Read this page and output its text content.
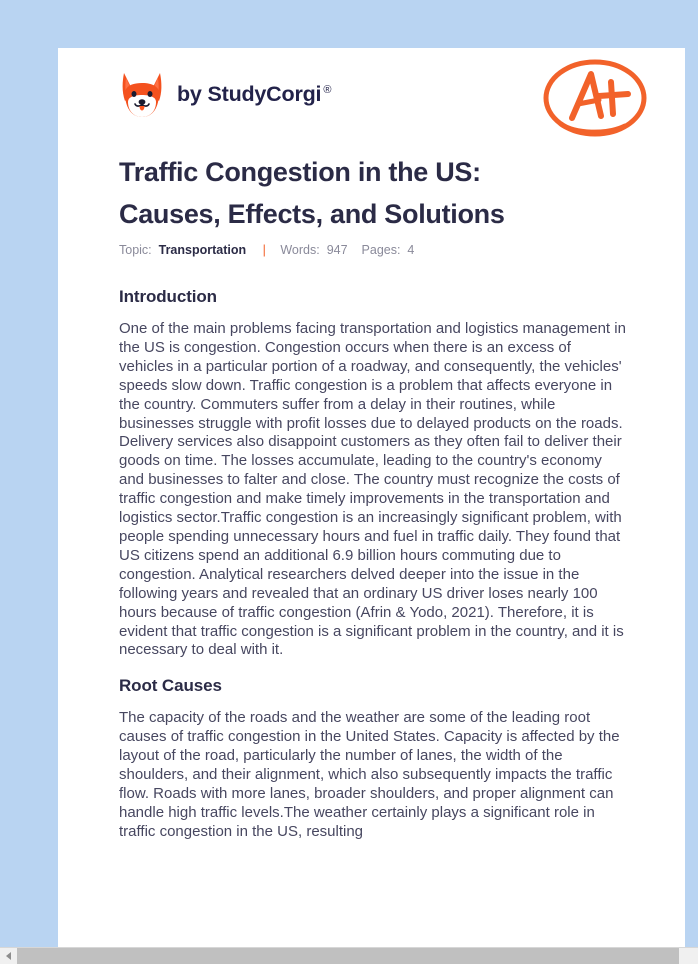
by StudyCorgi ®
Traffic Congestion in the US: Causes, Effects, and Solutions
Topic: Transportation | Words: 947 Pages: 4
Introduction

One of the main problems facing transportation and logistics management in the US is congestion. Congestion occurs when there is an excess of vehicles in a particular portion of a roadway, and consequently, the vehicles' speeds slow down. Traffic congestion is a problem that affects everyone in the country. Commuters suffer from a delay in their routines, while businesses struggle with profit losses due to delayed products on the roads. Delivery services also disappoint customers as they often fail to deliver their goods on time. The losses accumulate, leading to the country's economy and businesses to falter and close. The country must recognize the costs of traffic congestion and make timely improvements in the transportation and logistics sector.Traffic congestion is an increasingly significant problem, with people spending unnecessary hours and fuel in traffic daily. They found that US citizens spend an additional 6.9 billion hours commuting due to congestion. Analytical researchers delved deeper into the issue in the following years and revealed that an ordinary US driver loses nearly 100 hours because of traffic congestion (Afrin & Yodo, 2021). Therefore, it is evident that traffic congestion is a significant problem in the country, and it is necessary to deal with it.

Root Causes

The capacity of the roads and the weather are some of the leading root causes of traffic congestion in the United States. Capacity is affected by the layout of the road, particularly the number of lanes, the width of the shoulders, and their alignment, which also subsequently impacts the traffic flow. Roads with more lanes, broader shoulders, and proper alignment can handle high traffic levels.The weather certainly plays a significant role in traffic congestion in the US, resulting
